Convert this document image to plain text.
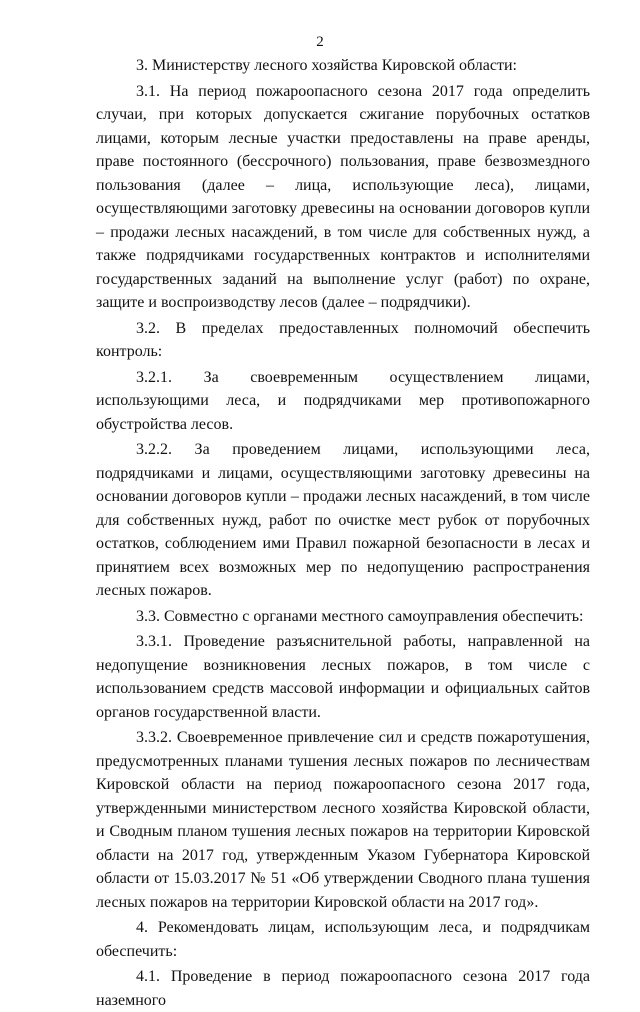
2

3. Министерству лесного хозяйства Кировской области:

3.1. На период пожароопасного сезона 2017 года определить случаи, при которых допускается сжигание порубочных остатков лицами, которым лесные участки предоставлены на праве аренды, праве постоянного (бессрочного) пользования, праве безвозмездного пользования (далее – лица, использующие леса), лицами, осуществляющими заготовку древесины на основании договоров купли – продажи лесных насаждений, в том числе для собственных нужд, а также подрядчиками государственных контрактов и исполнителями государственных заданий на выполнение услуг (работ) по охране, защите и воспроизводству лесов (далее – подрядчики).

3.2. В пределах предоставленных полномочий обеспечить контроль:

3.2.1. За своевременным осуществлением лицами, использующими леса, и подрядчиками мер противопожарного обустройства лесов.

3.2.2. За проведением лицами, использующими леса, подрядчиками и лицами, осуществляющими заготовку древесины на основании договоров купли – продажи лесных насаждений, в том числе для собственных нужд, работ по очистке мест рубок от порубочных остатков, соблюдением ими Правил пожарной безопасности в лесах и принятием всех возможных мер по недопущению распространения лесных пожаров.

3.3. Совместно с органами местного самоуправления обеспечить:

3.3.1. Проведение разъяснительной работы, направленной на недопущение возникновения лесных пожаров, в том числе с использованием средств массовой информации и официальных сайтов органов государственной власти.

3.3.2. Своевременное привлечение сил и средств пожаротушения, предусмотренных планами тушения лесных пожаров по лесничествам Кировской области на период пожароопасного сезона 2017 года, утвержденными министерством лесного хозяйства Кировской области, и Сводным планом тушения лесных пожаров на территории Кировской области на 2017 год, утвержденным Указом Губернатора Кировской области от 15.03.2017 № 51 «Об утверждении Сводного плана тушения лесных пожаров на территории Кировской области на 2017 год».

4. Рекомендовать лицам, использующим леса, и подрядчикам обеспечить:

4.1. Проведение в период пожароопасного сезона 2017 года наземного
